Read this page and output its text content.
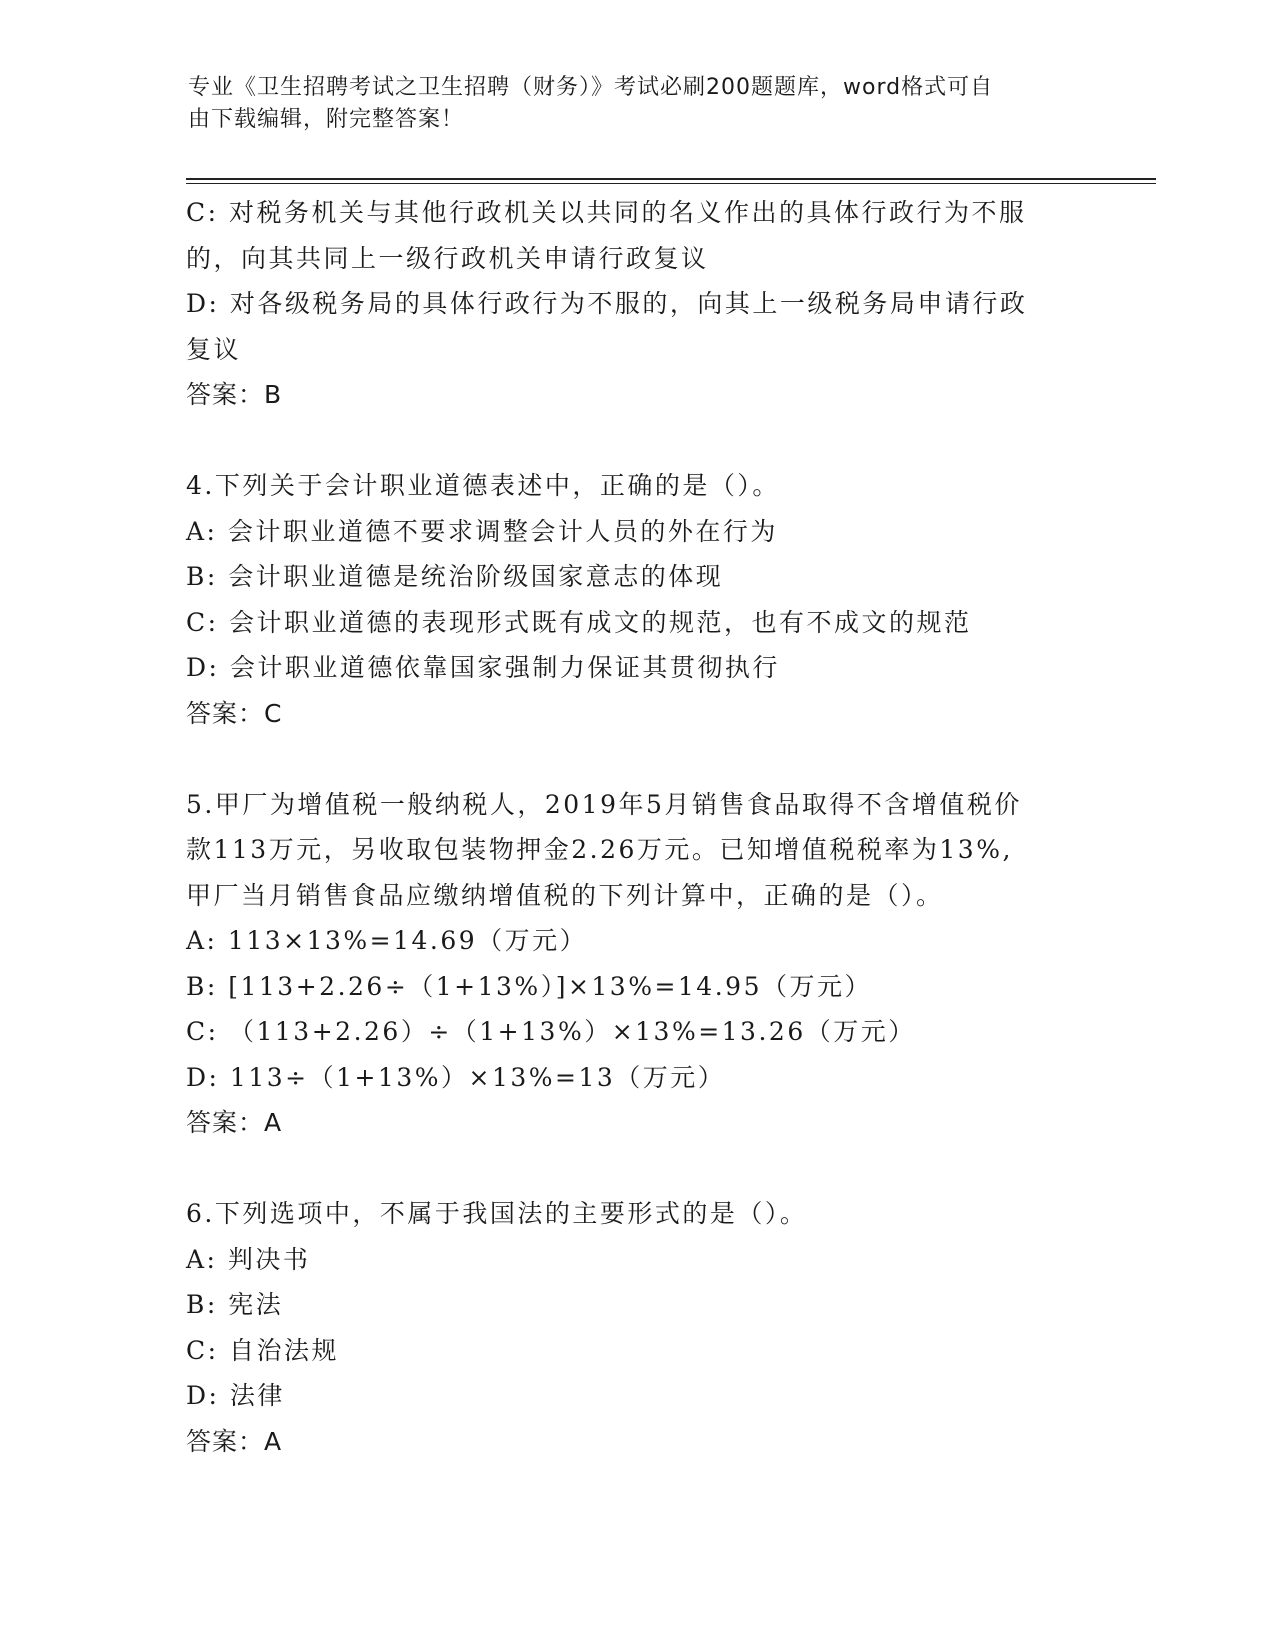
专业《卫生招聘考试之卫生招聘（财务）》考试必刷200题题库，word格式可自
由下载编辑，附完整答案！
C: 对税务机关与其他行政机关以共同的名义作出的具体行政行为不服
的，向其共同上一级行政机关申请行政复议
D: 对各级税务局的具体行政行为不服的，向其上一级税务局申请行政
复议
答案：B
4.下列关于会计职业道德表述中，正确的是（）。
A: 会计职业道德不要求调整会计人员的外在行为
B: 会计职业道德是统治阶级国家意志的体现
C: 会计职业道德的表现形式既有成文的规范，也有不成文的规范
D: 会计职业道德依靠国家强制力保证其贯彻执行
答案：C
5.甲厂为增值税一般纳税人，2019年5月销售食品取得不含增值税价
款113万元，另收取包装物押金2.26万元。已知增值税税率为13%,
甲厂当月销售食品应缴纳增值税的下列计算中，正确的是（）。
A: 113×13%=14.69（万元）
B: [113+2.26÷（1+13%）]×13%=14.95（万元）
C: （113+2.26）÷（1+13%）×13%=13.26（万元）
D: 113÷（1+13%）×13%=13（万元）
答案：A
6.下列选项中，不属于我国法的主要形式的是（）。
A: 判决书
B: 宪法
C: 自治法规
D: 法律
答案：A
